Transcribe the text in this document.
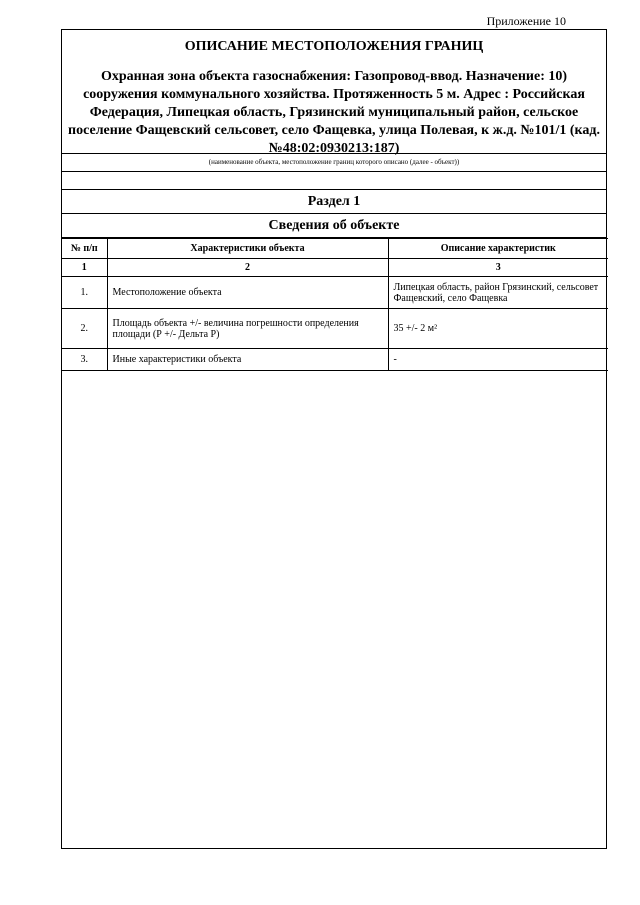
Приложение 10
ОПИСАНИЕ МЕСТОПОЛОЖЕНИЯ ГРАНИЦ
Охранная зона объекта газоснабжения: Газопровод-ввод. Назначение: 10) сооружения коммунального хозяйства. Протяженность 5 м. Адрес : Российская Федерация, Липецкая область, Грязинский муниципальный район, сельское поселение Фащевский сельсовет, село Фащевка, улица Полевая, к ж.д. №101/1 (кад. №48:02:0930213:187)
(наименование объекта, местоположение границ которого описано (далее - объект))
Раздел 1
Сведения об объекте
№ п/п	Характеристики объекта	Описание характеристик
1	2	3
1.	Местоположение объекта	Липецкая область, район Грязинский, сельсовет Фащевский, село Фащевка
2.	Площадь объекта +/- величина погрешности определения площади (Р +/- Дельта Р)	35 +/- 2 м²
3.	Иные характеристики объекта	-
